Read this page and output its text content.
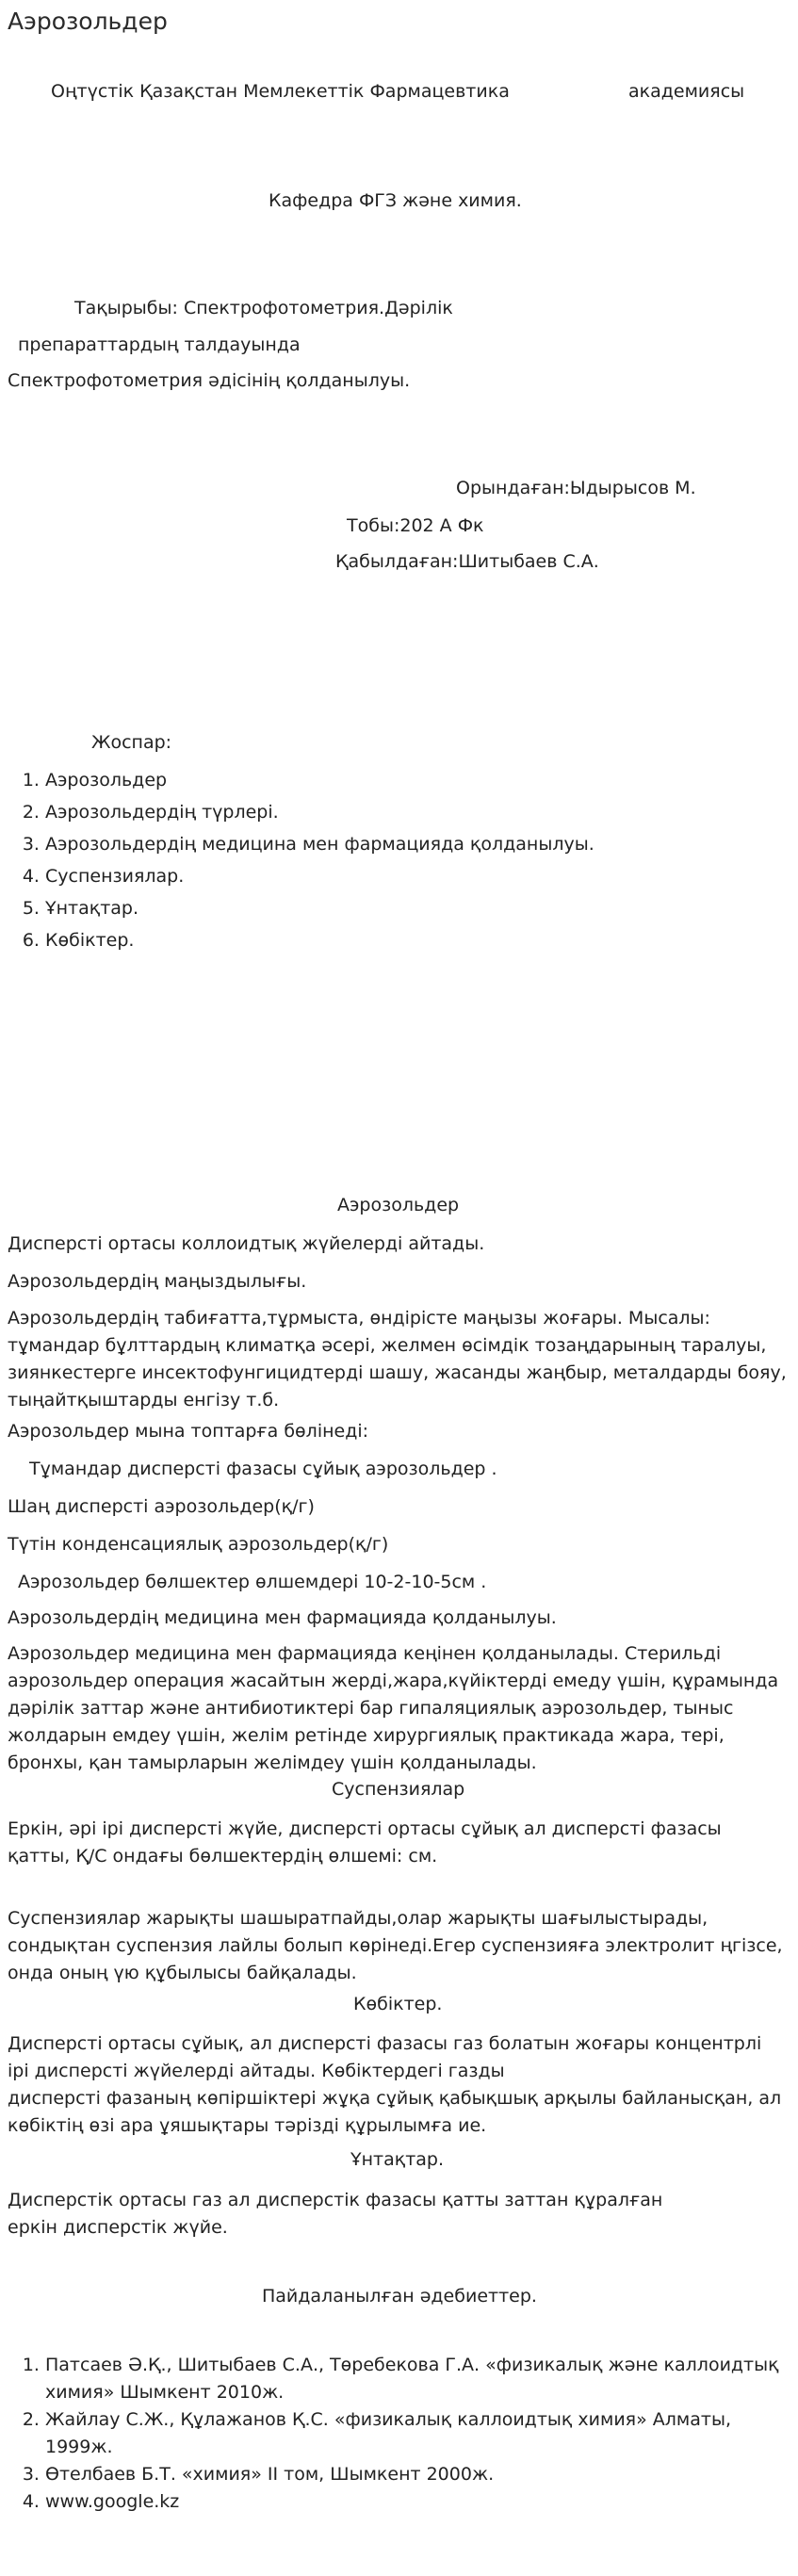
Аэрозольдер
Оңтүстік Қазақстан Мемлекеттік Фармацевтика	академиясы
Кафедра ФГЗ және химия.
Тақырыбы: Спектрофотометрия.Дәрілік
препараттардың талдауында
Спектрофотометрия әдісінің қолданылуы.
Орындаған:Ыдырысов М.
Тобы:202 А Фк
Қабылдаған:Шитыбаев С.А.
Жоспар:
1. Аэрозольдер
2. Аэрозольдердің түрлері.
3. Аэрозольдердің медицина мен фармацияда қолданылуы.
4. Суспензиялар.
5. Ұнтақтар.
6. Көбіктер.
Аэрозольдер
Дисперсті ортасы коллоидтық жүйелерді айтады.
Аэрозольдердің маңыздылығы.
Аэрозольдердің табиғатта,тұрмыста, өндірісте маңызы жоғары. Мысалы: тұмандар бұлттардың климатқа әсері, желмен өсімдік тозаңдарының таралуы, зиянкестерге инсектофунгицидтерді шашу, жасанды жаңбыр, металдарды бояу, тыңайтқыштарды енгізу т.б.
Аэрозольдер мына топтарға бөлінеді:
Тұмандар дисперсті фазасы сұйық аэрозольдер .
Шаң дисперсті аэрозольдер(қ/г)
Түтін конденсациялық аэрозольдер(қ/г)
Аэрозольдер бөлшектер өлшемдері 10-2-10-5см .
Аэрозольдердің медицина мен фармацияда қолданылуы.
Аэрозольдер медицина мен фармацияда кеңінен қолданылады. Стерильді аэрозольдер операция жасайтын жерді,жара,күйіктерді емеду үшін, құрамында дәрілік заттар және антибиотиктері бар гипаляциялық аэрозольдер, тыныс жолдарын емдеу үшін, желім ретінде хирургиялық практикада жара, тері, бронхы, қан тамырларын желімдеу үшін қолданылады.
Суспензиялар
Еркін, әрі ірі дисперсті жүйе, дисперсті ортасы сұйық ал дисперсті фазасы қатты, Қ/С ондағы бөлшектердің өлшемі: см.
Суспензиялар жарықты шашыратпайды,олар жарықты шағылыстырады, сондықтан суспензия лайлы болып көрінеді.Егер суспензияға электролит ңгізсе, онда оның үю құбылысы байқалады.
Көбіктер.
Дисперсті ортасы сұйық, ал дисперсті фазасы газ болатын жоғары концентрлі ірі дисперсті жүйелерді айтады. Көбіктердегі газды
дисперсті фазаның көпіршіктері жұқа сұйық қабықшық арқылы байланысқан, ал көбіктің өзі ара ұяшықтары тәрізді құрылымға ие.
Ұнтақтар.
Дисперстік ортасы газ ал дисперстік фазасы қатты заттан құралған
еркін дисперстік жүйе.
Пайдаланылған әдебиеттер.
1. Патсаев Ә.Қ., Шитыбаев С.А., Төребекова Г.А. «физикалық және каллоидтық химия» Шымкент 2010ж.
2. Жайлау С.Ж., Құлажанов Қ.С. «физикалық каллоидтық химия» Алматы, 1999ж.
3. Өтелбаев Б.Т. «химия» ІІ том, Шымкент 2000ж.
4. www.google.kz
